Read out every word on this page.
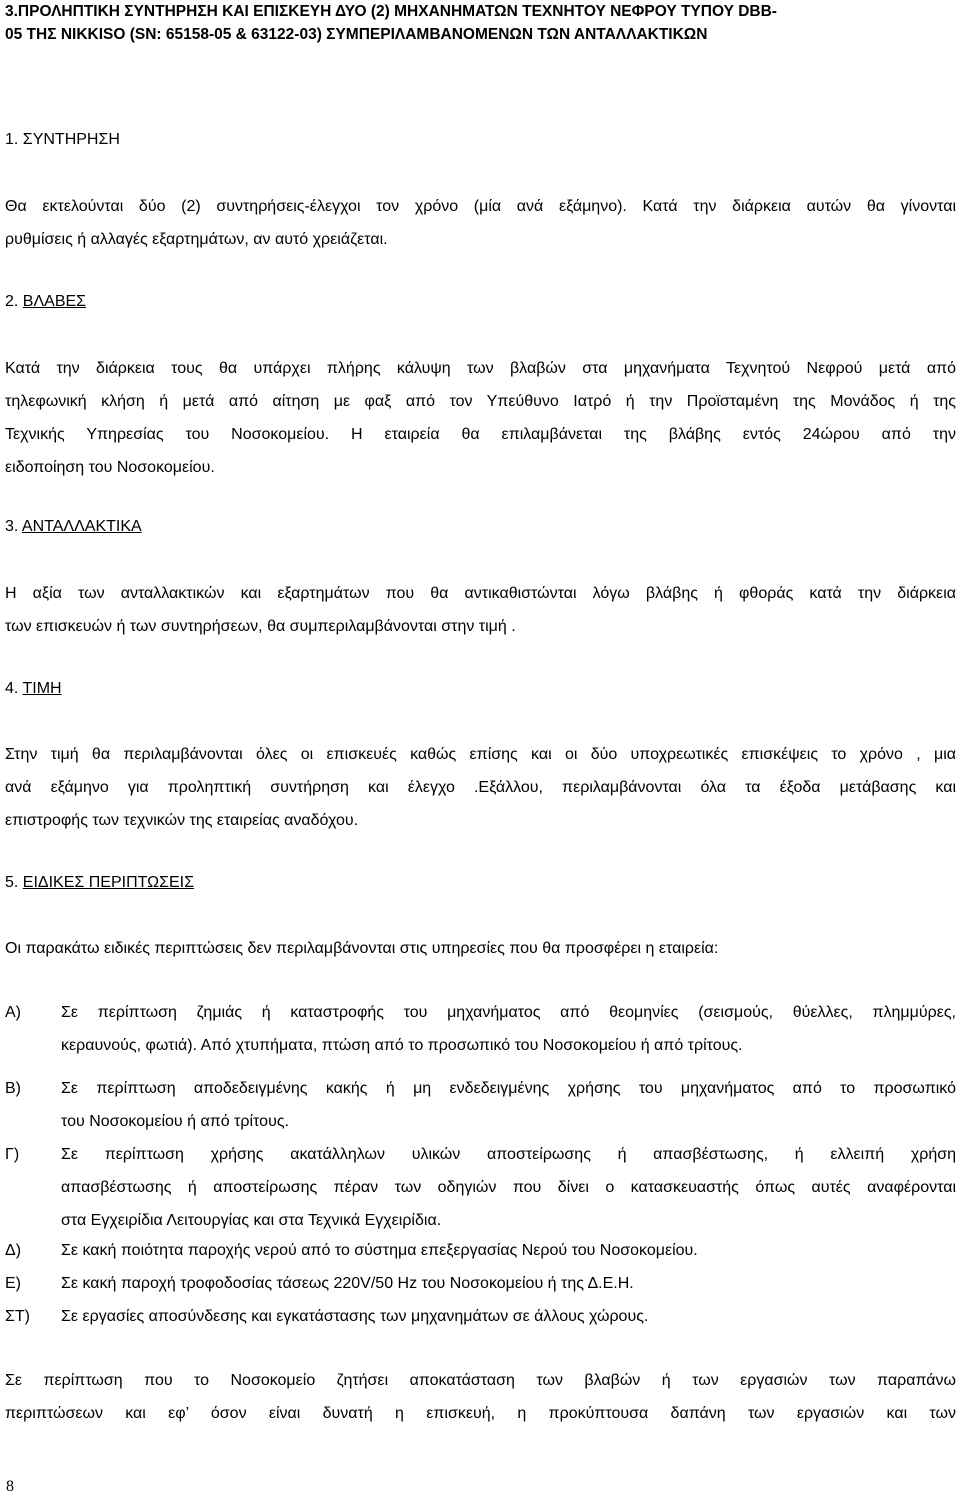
3.ΠΡΟΛΗΠΤΙΚΗ ΣΥΝΤΗΡΗΣΗ ΚΑΙ ΕΠΙΣΚΕΥΗ ΔΥΟ (2) ΜΗΧΑΝΗΜΑΤΩΝ ΤΕΧΝΗΤΟΥ ΝΕΦΡΟΥ ΤΥΠΟΥ DBB-

05 ΤΗΣ NIKKISO (SN: 65158-05 & 63122-03) ΣΥΜΠΕΡΙΛΑΜΒΑΝΟΜΕΝΩΝ ΤΩΝ ΑΝΤΑΛΛΑΚΤΙΚΩΝ

1. ΣΥΝΤΗΡΗΣΗ

Θα εκτελούνται δύο (2) συντηρήσεις-έλεγχοι τον χρόνο (μία ανά εξάμηνο). Κατά την διάρκεια αυτών θα γίνονται
ρυθμίσεις ή αλλαγές εξαρτημάτων, αν αυτό χρειάζεται.

2. ΒΛΑΒΕΣ

Κατά την διάρκεια τους θα υπάρχει πλήρης κάλυψη των βλαβών στα μηχανήματα Τεχνητού Νεφρού μετά από
τηλεφωνική κλήση ή μετά από αίτηση με φαξ από τον Υπεύθυνο Ιατρό ή την Προϊσταμένη της Μονάδος ή της
Τεχνικής Υπηρεσίας του Νοσοκομείου. Η εταιρεία θα επιλαμβάνεται της βλάβης εντός 24ώρου από την
ειδοποίηση του Νοσοκομείου.

3. ΑΝΤΑΛΛΑΚΤΙΚΑ

Η αξία των ανταλλακτικών και εξαρτημάτων που θα αντικαθιστώνται λόγω βλάβης ή φθοράς κατά την διάρκεια
των επισκευών ή των συντηρήσεων, θα συμπεριλαμβάνονται στην τιμή .

4. ΤΙΜΗ

Στην τιμή θα περιλαμβάνονται όλες οι επισκευές καθώς επίσης και οι δύο υποχρεωτικές επισκέψεις το χρόνο , μια
ανά εξάμηνο για προληπτική συντήρηση και έλεγχο .Εξάλλου, περιλαμβάνονται όλα τα έξοδα μετάβασης και
επιστροφής των τεχνικών της εταιρείας αναδόχου.

5. ΕΙΔΙΚΕΣ ΠΕΡΙΠΤΩΣΕΙΣ

Οι παρακάτω ειδικές περιπτώσεις δεν περιλαμβάνονται στις υπηρεσίες που θα προσφέρει η εταιρεία:
Α)	Σε περίπτωση ζημιάς ή καταστροφής του μηχανήματος από θεομηνίες (σεισμούς, θύελλες, πλημμύρες,
κεραυνούς, φωτιά). Από χτυπήματα, πτώση από το προσωπικό του Νοσοκομείου ή από τρίτους.
Β)	Σε περίπτωση αποδεδειγμένης κακής ή μη ενδεδειγμένης χρήσης του μηχανήματος από το προσωπικό
του Νοσοκομείου ή από τρίτους.
Γ)	Σε περίπτωση χρήσης ακατάλληλων υλικών αποστείρωσης ή απασβέστωσης, ή ελλειπή χρήση
απασβέστωσης ή αποστείρωσης πέραν των οδηγιών που δίνει ο κατασκευαστής όπως αυτές αναφέρονται
στα Εγχειρίδια Λειτουργίας και στα Τεχνικά Εγχειρίδια.
Δ) Σε κακή ποιότητα παροχής νερού από το σύστημα επεξεργασίας Νερού του Νοσοκομείου.
Ε)	Σε κακή παροχή τροφοδοσίας τάσεως 220V/50 Hz του Νοσοκομείου ή της Δ.Ε.Η.
ΣΤ) Σε εργασίες αποσύνδεσης και εγκατάστασης των μηχανημάτων σε άλλους χώρους.
Σε περίπτωση που το Νοσοκομείο ζητήσει αποκατάσταση των βλαβών ή των εργασιών των παραπάνω
περιπτώσεων και εφ’ όσον είναι δυνατή η επισκευή, η προκύπτουσα δαπάνη των εργασιών και των
8
